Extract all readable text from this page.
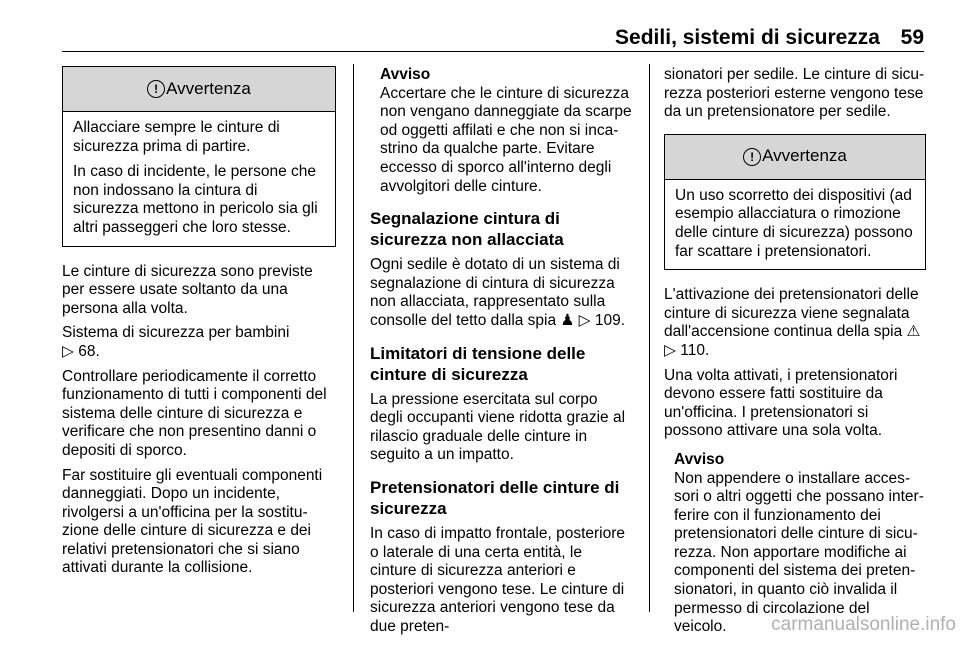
Sedili, sistemi di sicurezza 59
! Avvertenza

Allacciare sempre le cinture di sicurezza prima di partire.

In caso di incidente, le persone che non indossano la cintura di sicurezza mettono in pericolo sia gli altri passeggeri che loro stesse.

Le cinture di sicurezza sono previste per essere usate soltanto da una persona alla volta.

Sistema di sicurezza per bambini
▷ 68.

Controllare periodicamente il corretto funzionamento di tutti i componenti del sistema delle cinture di sicurezza e verificare che non presentino danni o depositi di sporco.

Far sostituire gli eventuali componenti danneggiati. Dopo un incidente, rivolgersi a un'officina per la sostituzione delle cinture di sicurezza e dei relativi pretensionatori che si siano attivati durante la collisione.

Avviso
Accertare che le cinture di sicurezza non vengano danneggiate da scarpe od oggetti affilati e che non si incastrino da qualche parte. Evitare eccesso di sporco all'interno degli avvolgitori delle cinture.
Segnalazione cintura di sicurezza non allacciata

Ogni sedile è dotato di un sistema di segnalazione di cintura di sicurezza non allacciata, rappresentato sulla consolle del tetto dalla spia ♟ ▷ 109.

Limitatori di tensione delle cinture di sicurezza

La pressione esercitata sul corpo degli occupanti viene ridotta grazie al rilascio graduale delle cinture in seguito a un impatto.

Pretensionatori delle cinture di sicurezza

In caso di impatto frontale, posteriore o laterale di una certa entità, le cinture di sicurezza anteriori e posteriori vengono tese. Le cinture di sicurezza anteriori vengono tese da due preten-

sionatori per sedile. Le cinture di sicurezza posteriori esterne vengono tese da un pretensionatore per sedile.

! Avvertenza

Un uso scorretto dei dispositivi (ad esempio allacciatura o rimozione delle cinture di sicurezza) possono far scattare i pretensionatori.

L'attivazione dei pretensionatori delle cinture di sicurezza viene segnalata dall'accensione continua della spia ⚠
▷ 110.

Una volta attivati, i pretensionatori devono essere fatti sostituire da un'officina. I pretensionatori si possono attivare una sola volta.

Avviso
Non appendere o installare accessori o altri oggetti che possano interferire con il funzionamento dei pretensionatori delle cinture di sicurezza. Non apportare modifiche ai componenti del sistema dei pretensionatori, in quanto ciò invalida il permesso di circolazione del veicolo.	carmanualsonline.info
